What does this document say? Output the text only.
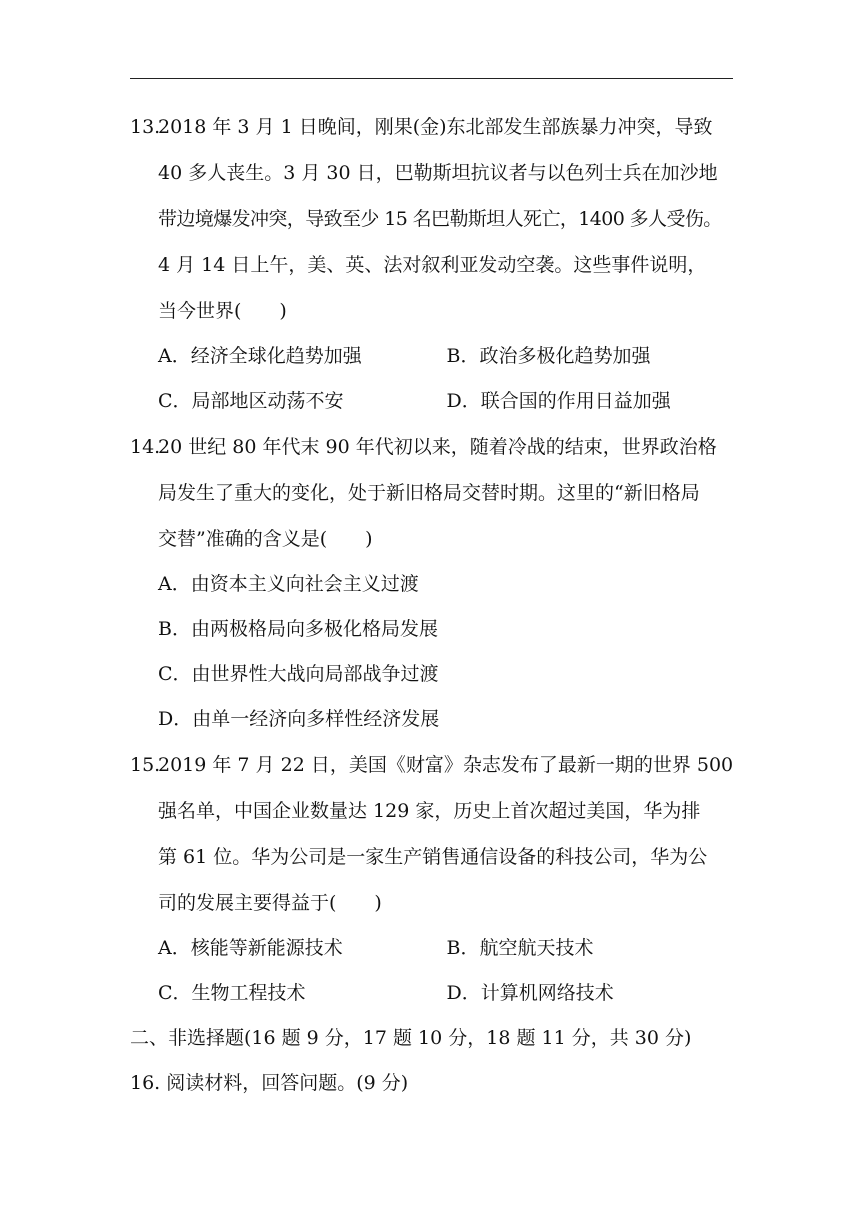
13.2018 年 3 月 1 日晚间，刚果(金)东北部发生部族暴力冲突，导致
40 多人丧生。3 月 30 日，巴勒斯坦抗议者与以色列士兵在加沙地
带边境爆发冲突，导致至少 15 名巴勒斯坦人死亡，1400 多人受伤。
4 月 14 日上午，美、英、法对叙利亚发动空袭。这些事件说明，
当今世界(　　)
A．经济全球化趋势加强	B．政治多极化趋势加强
C．局部地区动荡不安	D．联合国的作用日益加强
14.20 世纪 80 年代末 90 年代初以来，随着冷战的结束，世界政治格
局发生了重大的变化，处于新旧格局交替时期。这里的“新旧格局
交替”准确的含义是(　　)
A．由资本主义向社会主义过渡
B．由两极格局向多极化格局发展
C．由世界性大战向局部战争过渡
D．由单一经济向多样性经济发展
15.2019 年 7 月 22 日，美国《财富》杂志发布了最新一期的世界 500
强名单，中国企业数量达 129 家，历史上首次超过美国，华为排
第 61 位。华为公司是一家生产销售通信设备的科技公司，华为公
司的发展主要得益于(　　)
A．核能等新能源技术	B．航空航天技术
C．生物工程技术	D．计算机网络技术
二、非选择题(16 题 9 分，17 题 10 分，18 题 11 分，共 30 分)
16. 阅读材料，回答问题。(9 分)
